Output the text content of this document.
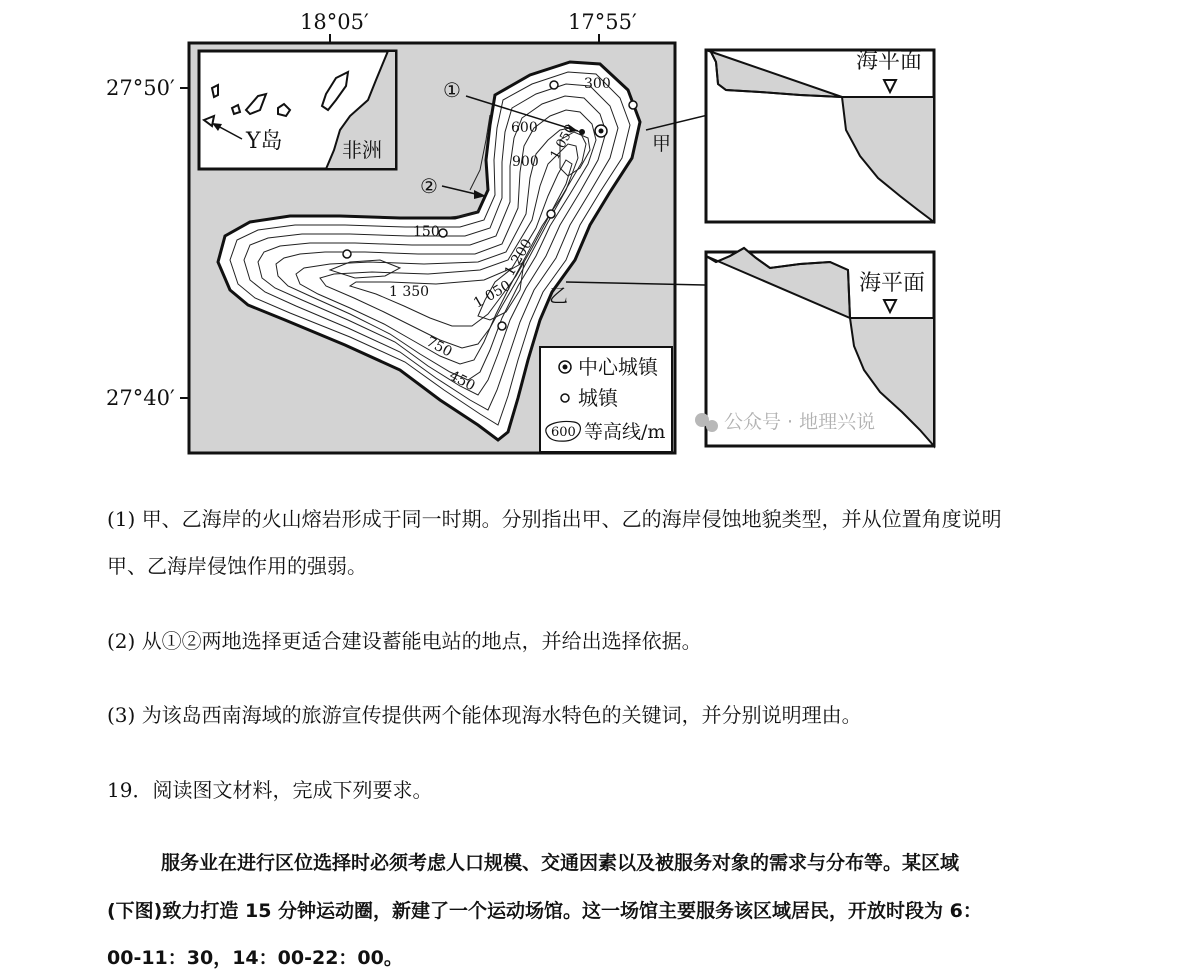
18°05′	17°55′
27°50′
27°40′
Y岛	非洲
①
②
甲
乙
300
600
900
1 050
150
1 200
1 350	1 050
750
450
中心城镇
城镇
600 等高线/m
海平面
海平面
公众号 · 地理兴说
(1) 甲、乙海岸的火山熔岩形成于同一时期。分别指出甲、乙的海岸侵蚀地貌类型，并从位置角度说明
甲、乙海岸侵蚀作用的强弱。
(2) 从①②两地选择更适合建设蓄能电站的地点，并给出选择依据。
(3) 为该岛西南海域的旅游宣传提供两个能体现海水特色的关键词，并分别说明理由。
19．阅读图文材料，完成下列要求。
服务业在进行区位选择时必须考虑人口规模、交通因素以及被服务对象的需求与分布等。某区域
(下图)致力打造 15 分钟运动圈，新建了一个运动场馆。这一场馆主要服务该区域居民，开放时段为 6：
00-11：30，14：00-22：00。
